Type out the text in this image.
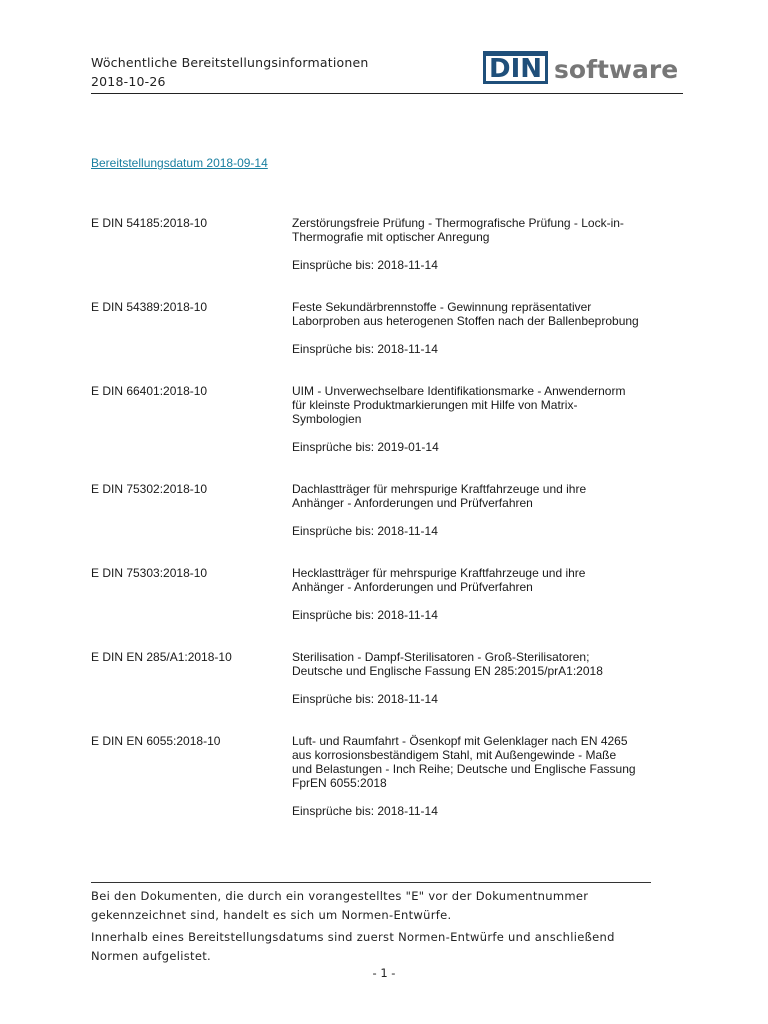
Wöchentliche Bereitstellungsinformationen
2018-10-26	DIN software
Bereitstellungsdatum 2018-09-14
E DIN 54185:2018-10	Zerstörungsfreie Prüfung - Thermografische Prüfung - Lock-in-
Thermografie mit optischer Anregung
Einsprüche bis: 2018-11-14
E DIN 54389:2018-10	Feste Sekundärbrennstoffe - Gewinnung repräsentativer
Laborproben aus heterogenen Stoffen nach der Ballenbeprobung
Einsprüche bis: 2018-11-14
E DIN 66401:2018-10	UIM - Unverwechselbare Identifikationsmarke - Anwendernorm
für kleinste Produktmarkierungen mit Hilfe von Matrix-
Symbologien
Einsprüche bis: 2019-01-14
E DIN 75302:2018-10	Dachlastträger für mehrspurige Kraftfahrzeuge und ihre
Anhänger - Anforderungen und Prüfverfahren
Einsprüche bis: 2018-11-14
E DIN 75303:2018-10	Hecklastträger für mehrspurige Kraftfahrzeuge und ihre
Anhänger - Anforderungen und Prüfverfahren
Einsprüche bis: 2018-11-14
E DIN EN 285/A1:2018-10	Sterilisation - Dampf-Sterilisatoren - Groß-Sterilisatoren;
Deutsche und Englische Fassung EN 285:2015/prA1:2018
Einsprüche bis: 2018-11-14
E DIN EN 6055:2018-10	Luft- und Raumfahrt - Ösenkopf mit Gelenklager nach EN 4265
aus korrosionsbeständigem Stahl, mit Außengewinde - Maße
und Belastungen - Inch Reihe; Deutsche und Englische Fassung
FprEN 6055:2018
Einsprüche bis: 2018-11-14
Bei den Dokumenten, die durch ein vorangestelltes "E" vor der Dokumentnummer
gekennzeichnet sind, handelt es sich um Normen-Entwürfe.
Innerhalb eines Bereitstellungsdatums sind zuerst Normen-Entwürfe und anschließend
Normen aufgelistet.
- 1 -
